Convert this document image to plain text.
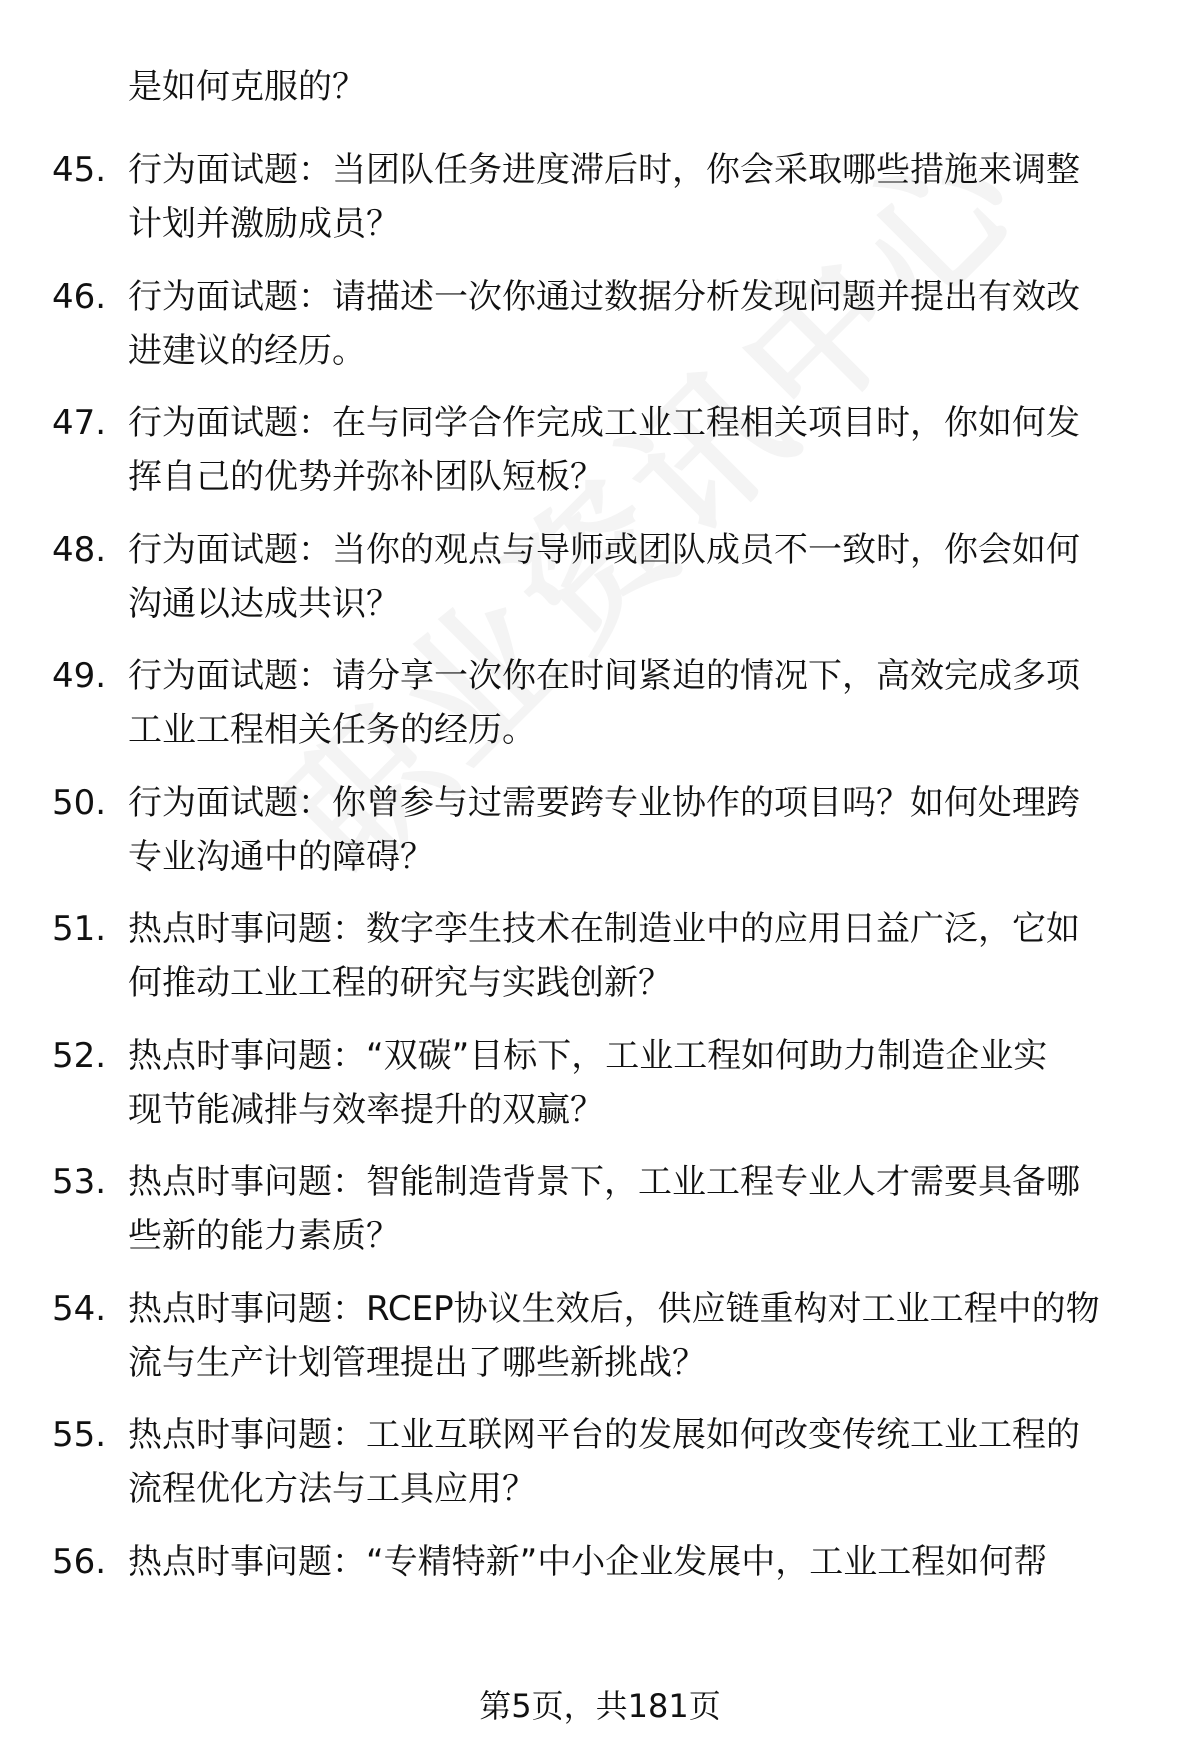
是如何克服的？
45. 行为面试题：当团队任务进度滞后时，你会采取哪些措施来调整
计划并激励成员？
46. 行为面试题：请描述一次你通过数据分析发现问题并提出有效改
进建议的经历。
47. 行为面试题：在与同学合作完成工业工程相关项目时，你如何发
挥自己的优势并弥补团队短板？
48. 行为面试题：当你的观点与导师或团队成员不一致时，你会如何
沟通以达成共识？
49. 行为面试题：请分享一次你在时间紧迫的情况下，高效完成多项
工业工程相关任务的经历。
50. 行为面试题：你曾参与过需要跨专业协作的项目吗？如何处理跨
专业沟通中的障碍？
51. 热点时事问题：数字孪生技术在制造业中的应用日益广泛，它如
何推动工业工程的研究与实践创新？
52. 热点时事问题：“双碳”目标下，工业工程如何助力制造企业实
现节能减排与效率提升的双赢？
53. 热点时事问题：智能制造背景下，工业工程专业人才需要具备哪
些新的能力素质？
54. 热点时事问题：RCEP协议生效后，供应链重构对工业工程中的物
流与生产计划管理提出了哪些新挑战？
55. 热点时事问题：工业互联网平台的发展如何改变传统工业工程的
流程优化方法与工具应用？
56. 热点时事问题：“专精特新”中小企业发展中，工业工程如何帮
第5页，共181页
